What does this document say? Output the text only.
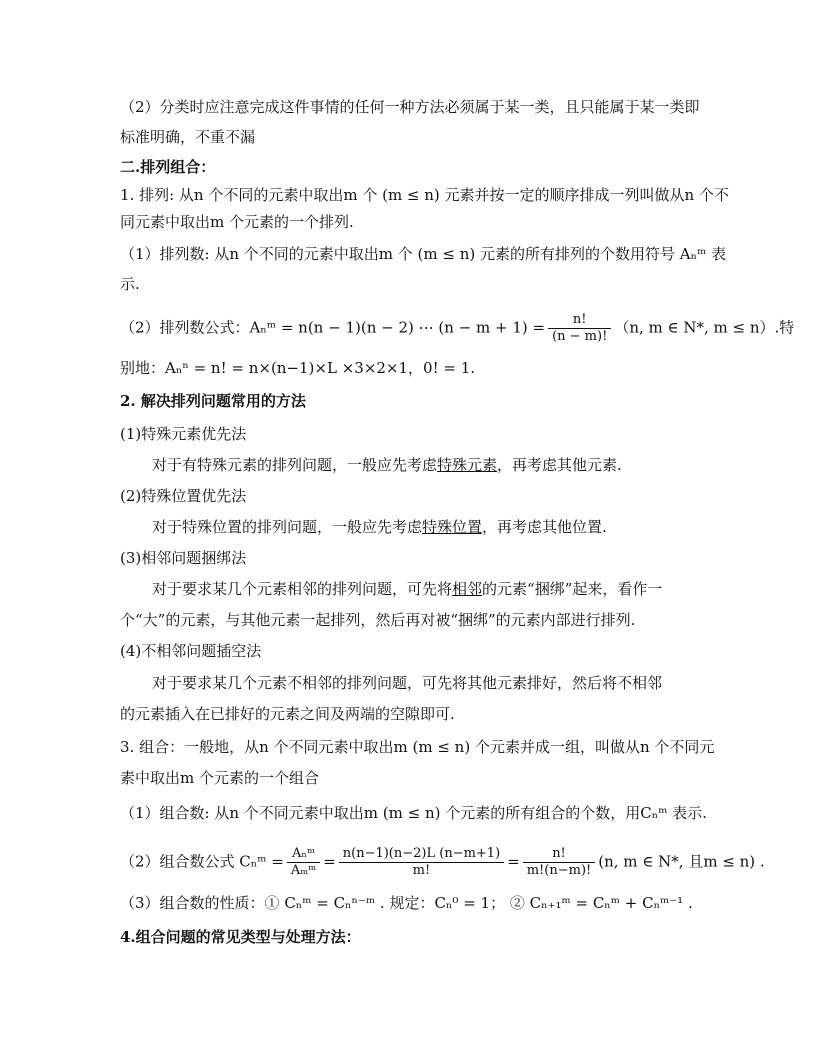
（2）分类时应注意完成这件事情的任何一种方法必须属于某一类，且只能属于某一类即
标准明确，不重不漏
二.排列组合：
1. 排列: 从n 个不同的元素中取出m 个 (m ≤ n) 元素并按一定的顺序排成一列叫做从n 个不
同元素中取出m 个元素的一个排列.
（1）排列数: 从n 个不同的元素中取出m 个 (m ≤ n) 元素的所有排列的个数用符号 Aₙᵐ 表
示.
（2）排列数公式：Aₙᵐ = n(n − 1)(n − 2) ⋯ $(n - m + 1) = \frac{n!}{(n - m)!} (n$, m ∈ N*, m ≤ n）.特
别地：Aₙⁿ = n! = n×(n−1)×L ×3×2×1，0! = 1.
2. 解决排列问题常用的方法
(1)特殊元素优先法
对于有特殊元素的排列问题，一般应先考虑特殊元素，再考虑其他元素.
(2)特殊位置优先法
对于特殊位置的排列问题，一般应先考虑特殊位置，再考虑其他位置.
(3)相邻问题捆绑法
对于要求某几个元素相邻的排列问题，可先将相邻的元素“捆绑”起来，看作一
个“大”的元素，与其他元素一起排列，然后再对被“捆绑”的元素内部进行排列.
(4)不相邻问题插空法
对于要求某几个元素不相邻的排列问题，可先将其他元素排好，然后将不相邻
的元素插入在已排好的元素之间及两端的空隙即可.
3. 组合：一般地，从n 个不同元素中取出m (m ≤ n) 个元素并成一组，叫做从n 个不同元
素中取出m 个元素的一个组合
（1）组合数: 从n 个不同元素中取出m (m ≤ n) 个元素的所有组合的个数，用Cₙᵐ 表示.
（2）组合数公式 Cₙᵐ = $\frac{\text{Aₙᵐ}}{\text{Aₘᵐ}} = \frac{n(n-1)(n-2)L (n-m+1)}{m!} = \frac{n!}{m!(n-m)!} (n$, m ∈ N*, 且m ≤ n) .
（3）组合数的性质：① Cₙᵐ = Cₙⁿ⁻ᵐ . 规定：Cₙ⁰ = 1； ② Cₙ₊₁ᵐ = Cₙᵐ + Cₙᵐ⁻¹ .
4.组合问题的常见类型与处理方法：
